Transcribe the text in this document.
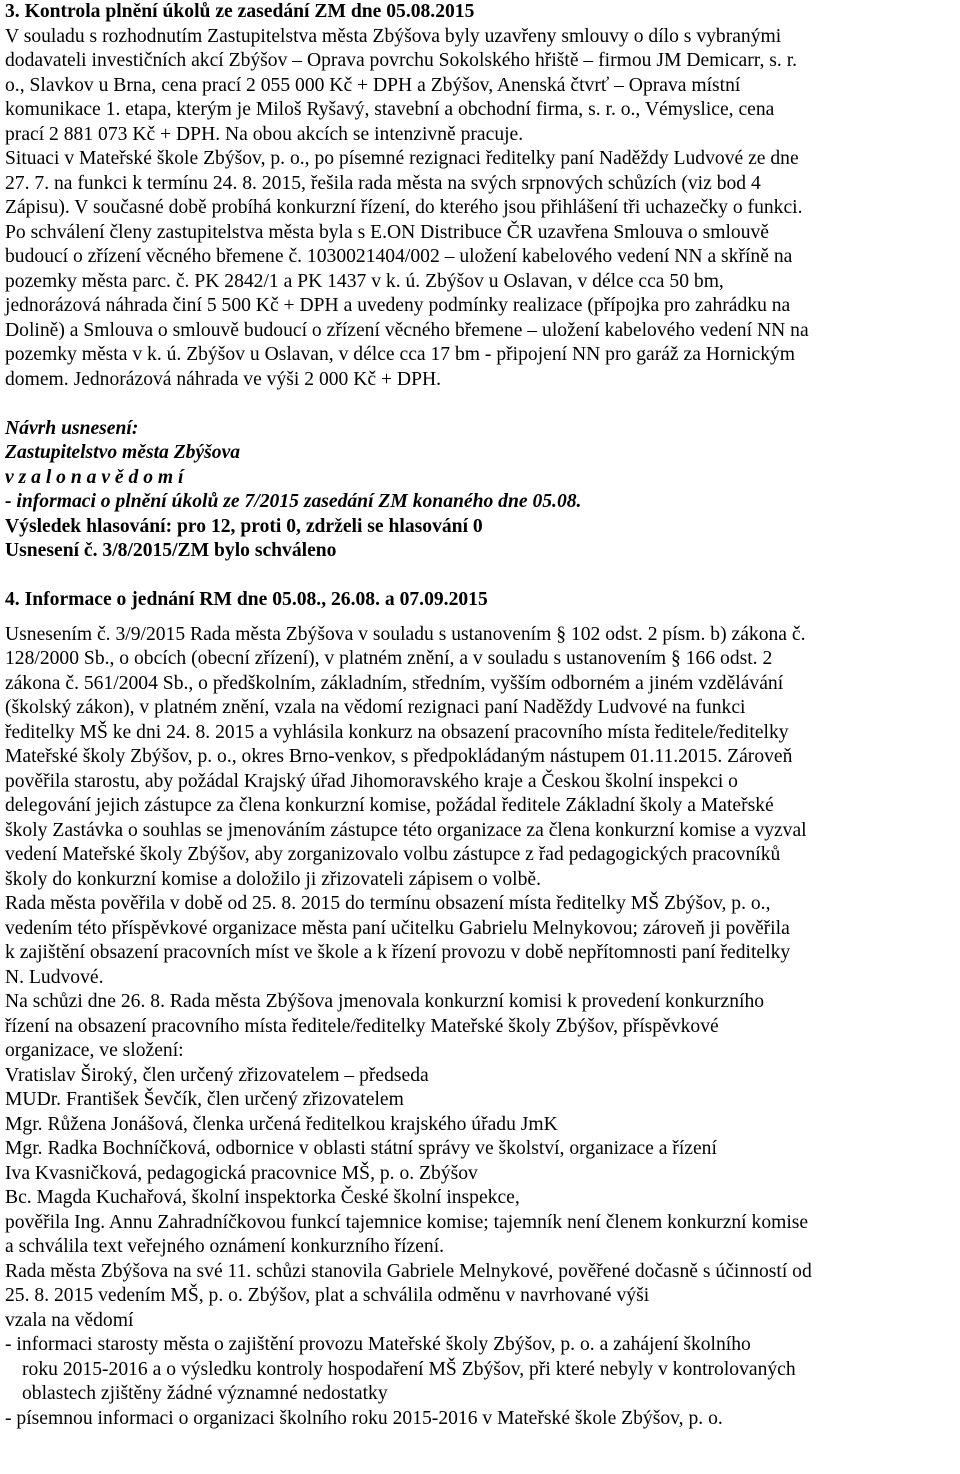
3. Kontrola plnění úkolů ze zasedání ZM dne 05.08.2015
V souladu s rozhodnutím Zastupitelstva města Zbýšova byly uzavřeny smlouvy o dílo s vybranými
dodavateli investičních akcí Zbýšov – Oprava povrchu Sokolského hřiště – firmou JM Demicarr, s. r.
o., Slavkov u Brna, cena prací 2 055 000 Kč + DPH a Zbýšov, Anenská čtvrť – Oprava místní
komunikace 1. etapa, kterým je Miloš Ryšavý, stavební a obchodní firma, s. r. o., Vémyslice, cena
prací 2 881 073 Kč + DPH. Na obou akcích se intenzivně pracuje.
Situaci v Mateřské škole Zbýšov, p. o., po písemné rezignaci ředitelky paní Naděždy Ludvové ze dne
27. 7. na funkci k termínu 24. 8. 2015, řešila rada města na svých srpnových schůzích (viz bod 4
Zápisu). V současné době probíhá konkurzní řízení, do kterého jsou přihlášení tři uchazečky o funkci.
Po schválení členy zastupitelstva města byla s E.ON Distribuce ČR uzavřena Smlouva o smlouvě
budoucí o zřízení věcného břemene č. 1030021404/002 – uložení kabelového vedení NN a skříně na
pozemky města parc. č. PK 2842/1 a PK 1437 v k. ú. Zbýšov u Oslavan, v délce cca 50 bm,
jednorázová náhrada činí 5 500 Kč + DPH a uvedeny podmínky realizace (přípojka pro zahrádku na
Dolině) a Smlouva o smlouvě budoucí o zřízení věcného břemene – uložení kabelového vedení NN na
pozemky města v k. ú. Zbýšov u Oslavan, v délce cca 17 bm - připojení NN pro garáž za Hornickým
domem. Jednorázová náhrada ve výši 2 000 Kč + DPH.
Návrh usnesení:
Zastupitelstvo města Zbýšova
v z a l o n a v ě d o m í
- informaci o plnění úkolů ze 7/2015 zasedání ZM konaného dne 05.08.
Výsledek hlasování: pro 12, proti 0, zdrželi se hlasování 0
Usnesení č. 3/8/2015/ZM bylo schváleno
4. Informace o jednání RM dne 05.08., 26.08. a 07.09.2015
Usnesením č. 3/9/2015 Rada města Zbýšova v souladu s ustanovením § 102 odst. 2 písm. b) zákona č.
128/2000 Sb., o obcích (obecní zřízení), v platném znění, a v souladu s ustanovením § 166 odst. 2
zákona č. 561/2004 Sb., o předškolním, základním, středním, vyšším odborném a jiném vzdělávání
(školský zákon), v platném znění, vzala na vědomí rezignaci paní Naděždy Ludvové na funkci
ředitelky MŠ ke dni 24. 8. 2015 a vyhlásila konkurz na obsazení pracovního místa ředitele/ředitelky
Mateřské školy Zbýšov, p. o., okres Brno-venkov, s předpokládaným nástupem 01.11.2015. Zároveň
pověřila starostu, aby požádal Krajský úřad Jihomoravského kraje a Českou školní inspekci o
delegování jejich zástupce za člena konkurzní komise, požádal ředitele Základní školy a Mateřské
školy Zastávka o souhlas se jmenováním zástupce této organizace za člena konkurzní komise a vyzval
vedení Mateřské školy Zbýšov, aby zorganizovalo volbu zástupce z řad pedagogických pracovníků
školy do konkurzní komise a doložilo ji zřizovateli zápisem o volbě.
Rada města pověřila v době od 25. 8. 2015 do termínu obsazení místa ředitelky MŠ Zbýšov, p. o.,
vedením této příspěvkové organizace města paní učitelku Gabrielu Melnykovou; zároveň ji pověřila
k zajištění obsazení pracovních míst ve škole a k řízení provozu v době nepřítomnosti paní ředitelky
N. Ludvové.
Na schůzi dne 26. 8. Rada města Zbýšova jmenovala konkurzní komisi k provedení konkurzního
řízení na obsazení pracovního místa ředitele/ředitelky Mateřské školy Zbýšov, příspěvkové
organizace, ve složení:
Vratislav Široký, člen určený zřizovatelem – předseda
MUDr. František Ševčík, člen určený zřizovatelem
Mgr. Růžena Jonášová, členka určená ředitelkou krajského úřadu JmK
Mgr. Radka Bochníčková, odbornice v oblasti státní správy ve školství, organizace a řízení
Iva Kvasničková, pedagogická pracovnice MŠ, p. o. Zbýšov
Bc. Magda Kuchařová, školní inspektorka České školní inspekce,
pověřila Ing. Annu Zahradníčkovou funkcí tajemnice komise; tajemník není členem konkurzní komise
a schválila text veřejného oznámení konkurzního řízení.
Rada města Zbýšova na své 11. schůzi stanovila Gabriele Melnykové, pověřené dočasně s účinností od
25. 8. 2015 vedením MŠ, p. o. Zbýšov, plat a schválila odměnu v navrhované výši
vzala na vědomí
- informaci starosty města o zajištění provozu Mateřské školy Zbýšov, p. o. a zahájení školního
roku 2015-2016 a o výsledku kontroly hospodaření MŠ Zbýšov, při které nebyly v kontrolovaných
oblastech zjištěny žádné významné nedostatky
- písemnou informaci o organizaci školního roku 2015-2016 v Mateřské škole Zbýšov, p. o.
